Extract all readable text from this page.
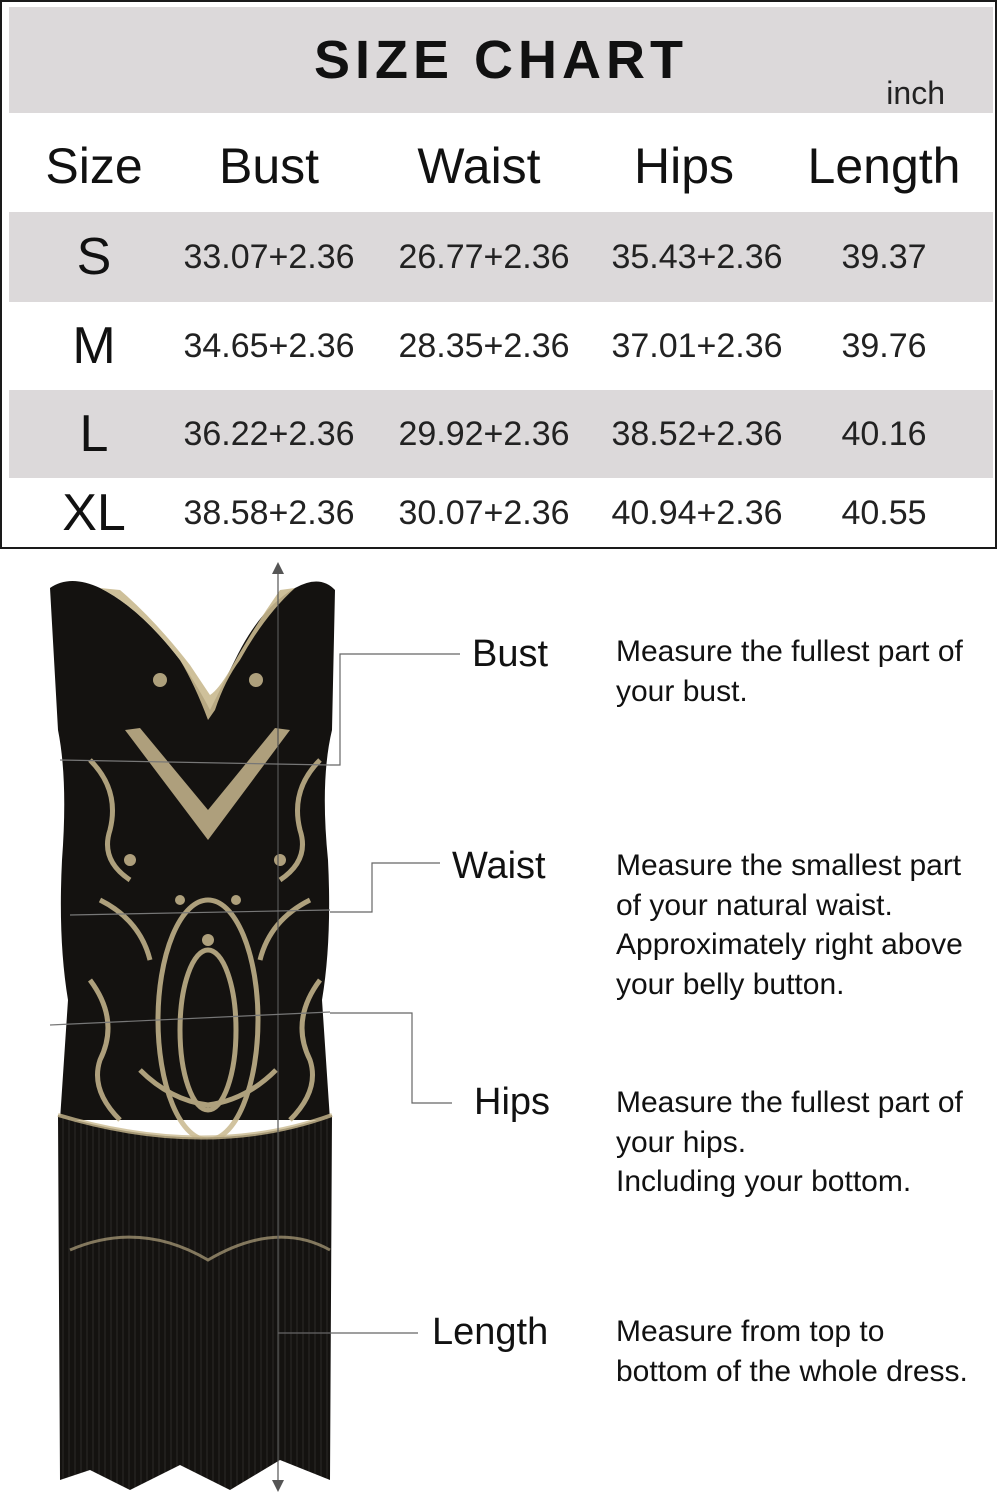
SIZE CHART
inch
Size	Bust	Waist	Hips	Length
S	33.07+2.36	26.77+2.36	35.43+2.36	39.37
M	34.65+2.36	28.35+2.36	37.01+2.36	39.76
L	36.22+2.36	29.92+2.36	38.52+2.36	40.16
XL	38.58+2.36	30.07+2.36	40.94+2.36	40.55
Bust
Waist
Hips
Length
Measure the fullest part of
your bust.
Measure the smallest part
of your natural waist.
Approximately right above
your belly button.
Measure the fullest part of
your hips.
Including your bottom.
Measure from top to
bottom of the whole dress.
